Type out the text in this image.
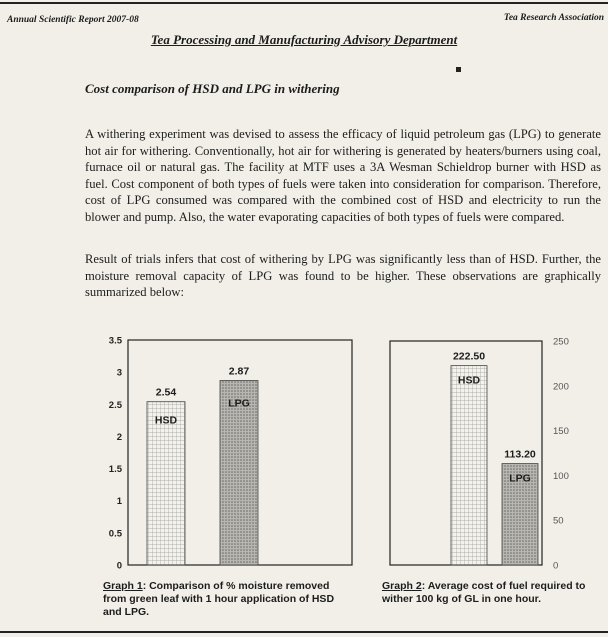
Annual Scientific Report 2007-08	Tea Research Association
Tea Processing and Manufacturing Advisory Department
Cost comparison of HSD and LPG in withering
A withering experiment was devised to assess the efficacy of liquid petroleum gas (LPG) to generate hot air for withering. Conventionally, hot air for withering is generated by heaters/burners using coal, furnace oil or natural gas. The facility at MTF uses a 3A Wesman Schieldrop burner with HSD as fuel. Cost component of both types of fuels were taken into consideration for comparison. Therefore, cost of LPG consumed was compared with the combined cost of HSD and electricity to run the blower and pump. Also, the water evaporating capacities of both types of fuels were compared.
Result of trials infers that cost of withering by LPG was significantly less than of HSD. Further, the moisture removal capacity of LPG was found to be higher. These observations are graphically summarized below:
0
0.5
1
1.5
2
2.5
3
3.5
2.54
HSD
2.87
LPG
0
50
100
150
200
250
222.50
HSD
113.20
LPG
Graph 1: Comparison of % moisture removed from green leaf with 1 hour application of HSD and LPG.
Graph 2: Average cost of fuel required to wither 100 kg of GL in one hour.
